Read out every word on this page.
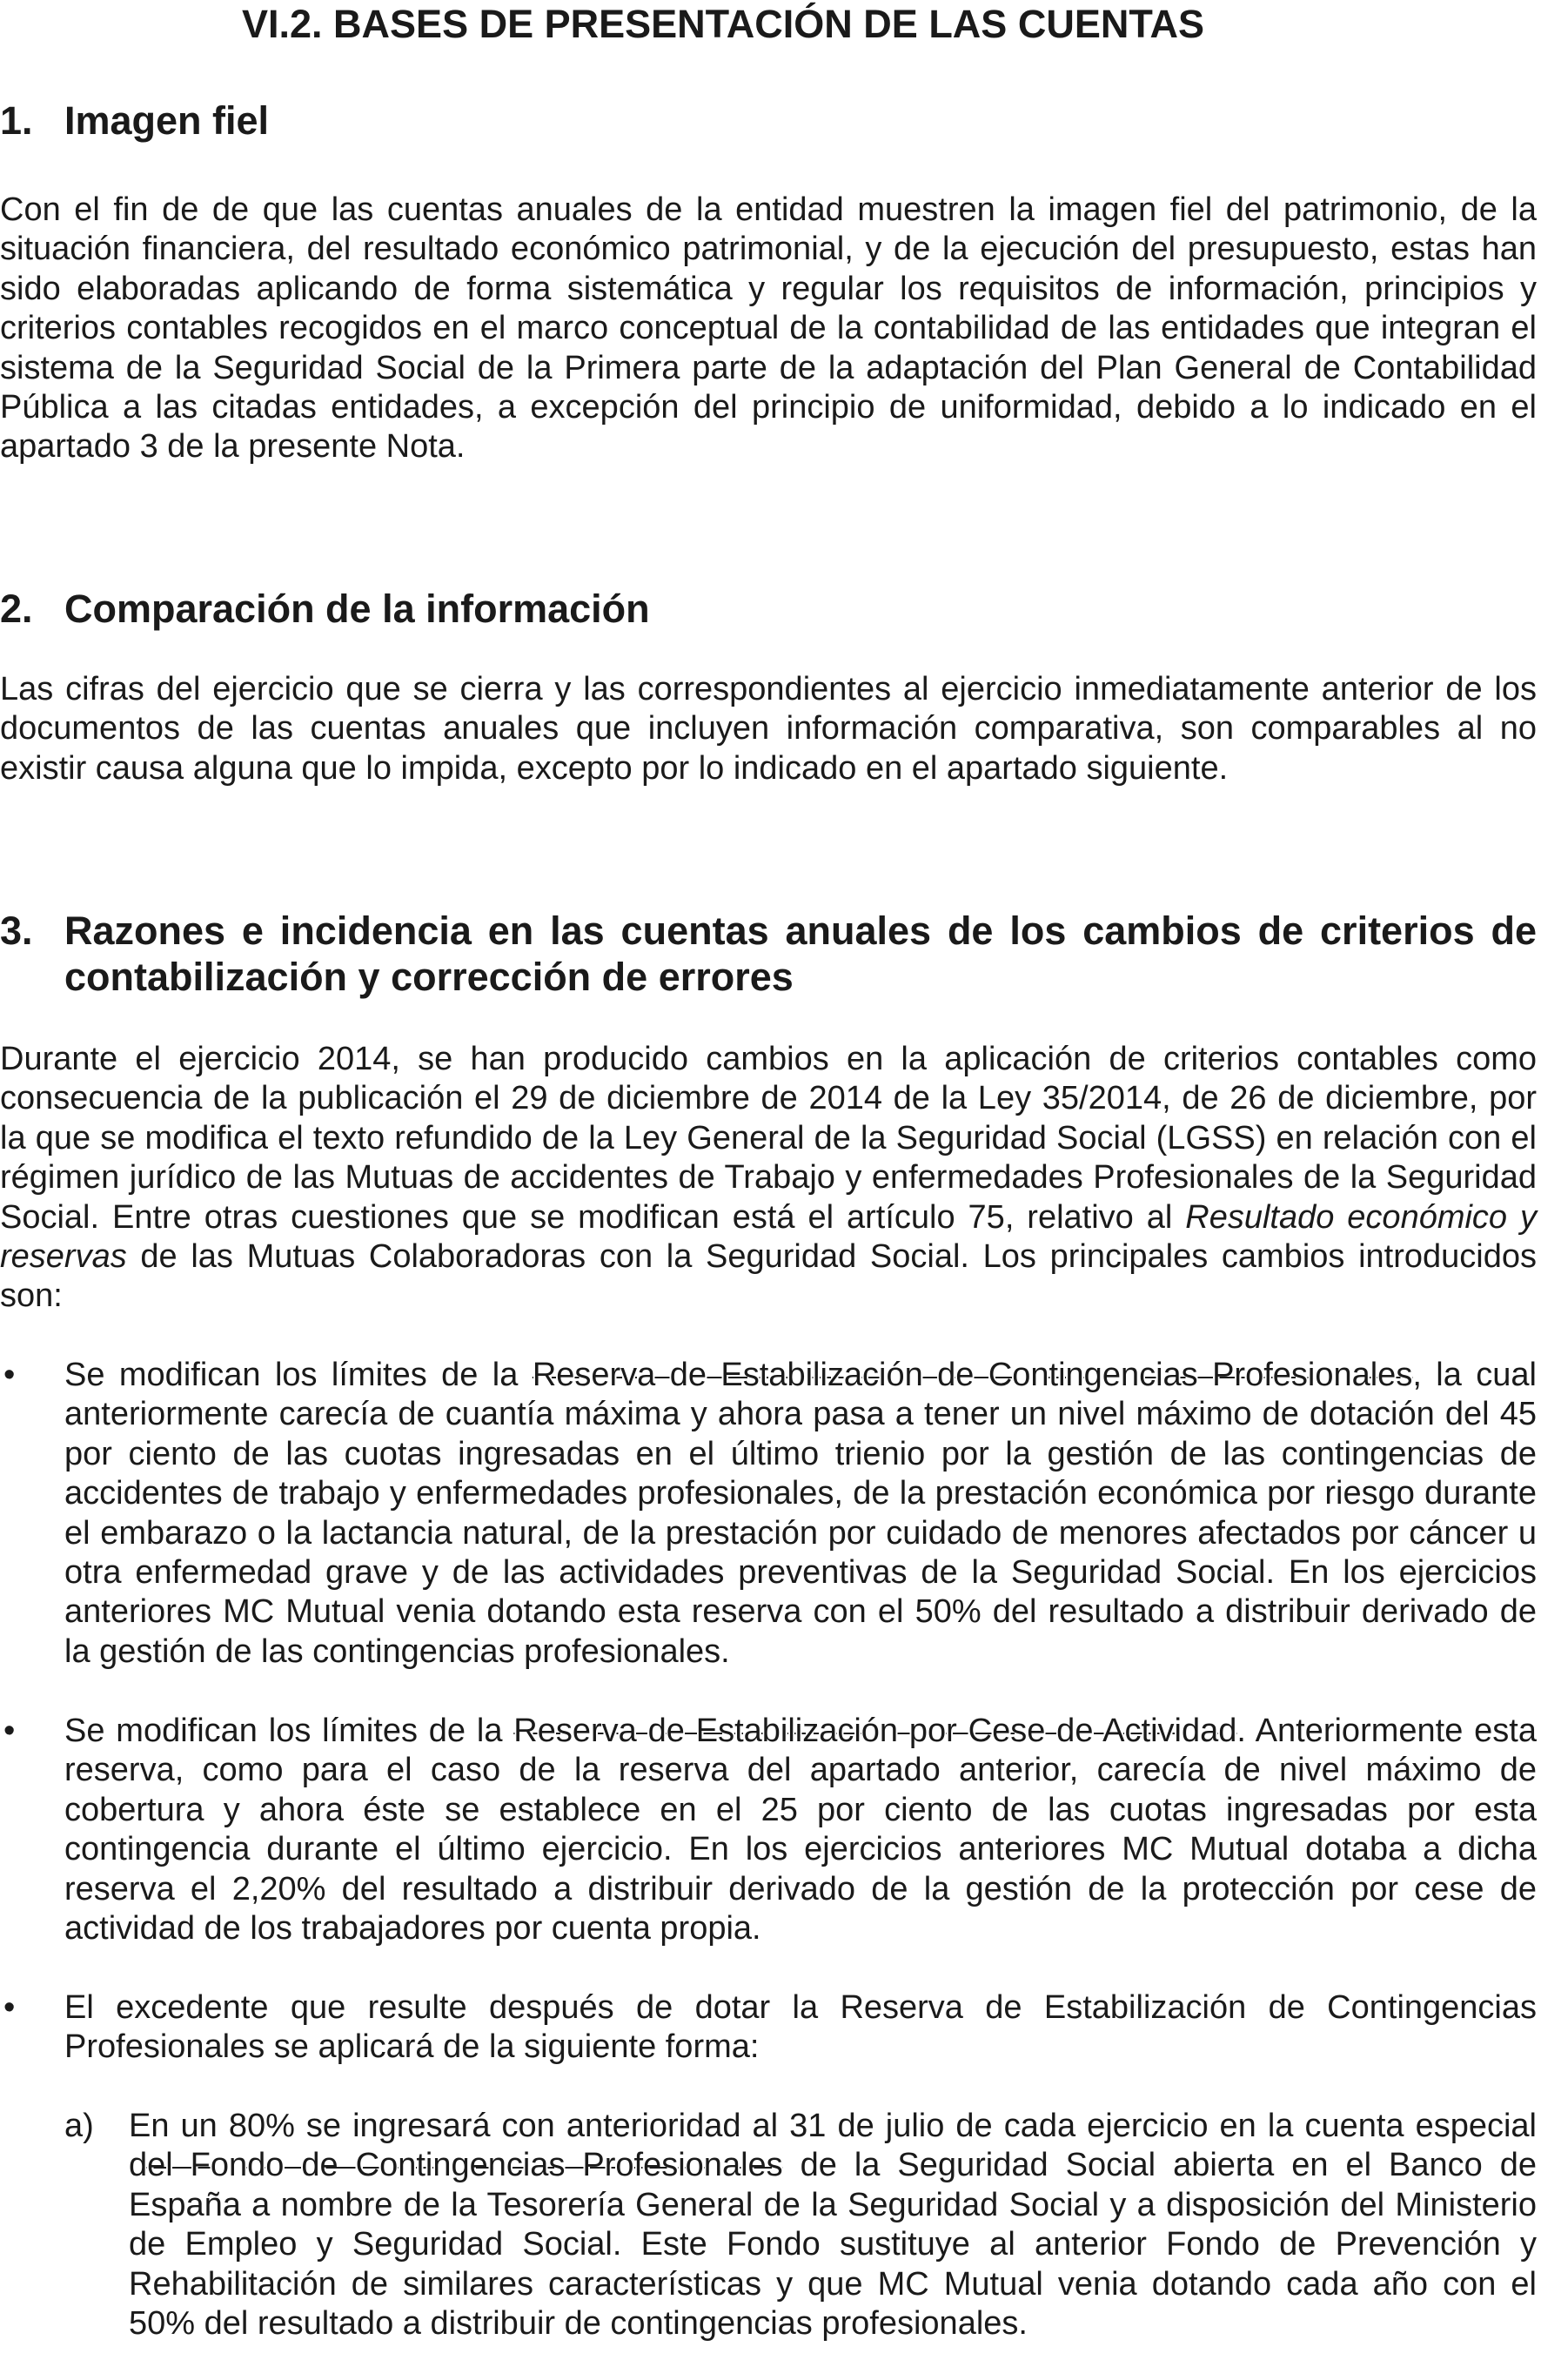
VI.2. BASES DE PRESENTACIÓN DE LAS CUENTAS
1. Imagen fiel

Con el fin de de que las cuentas anuales de la entidad muestren la imagen fiel del patrimonio, de la situación financiera, del resultado económico patrimonial, y de la ejecución del presupuesto, estas han sido elaboradas aplicando de forma sistemática y regular los requisitos de información, principios y criterios contables recogidos en el marco conceptual de la contabilidad de las entidades que integran el sistema de la Seguridad Social de la Primera parte de la adaptación del Plan General de Contabilidad Pública a las citadas entidades, a excepción del principio de uniformidad, debido a lo indicado en el apartado 3 de la presente Nota.

2. Comparación de la información

Las cifras del ejercicio que se cierra y las correspondientes al ejercicio inmediatamente anterior de los documentos de las cuentas anuales que incluyen información comparativa, son comparables al no existir causa alguna que lo impida, excepto por lo indicado en el apartado siguiente.

3. Razones e incidencia en las cuentas anuales de los cambios de criterios de contabilización y corrección de errores

Durante el ejercicio 2014, se han producido cambios en la aplicación de criterios contables como consecuencia de la publicación el 29 de diciembre de 2014 de la Ley 35/2014, de 26 de diciembre, por la que se modifica el texto refundido de la Ley General de la Seguridad Social (LGSS) en relación con el régimen jurídico de las Mutuas de accidentes de Trabajo y enfermedades Profesionales de la Seguridad Social. Entre otras cuestiones que se modifican está el artículo 75, relativo al Resultado económico y reservas de las Mutuas Colaboradoras con la Seguridad Social. Los principales cambios introducidos son:

• Se modifican los límites de la Reserva de Estabilización de Contingencias Profesionales, la cual anteriormente carecía de cuantía máxima y ahora pasa a tener un nivel máximo de dotación del 45 por ciento de las cuotas ingresadas en el último trienio por la gestión de las contingencias de accidentes de trabajo y enfermedades profesionales, de la prestación económica por riesgo durante el embarazo o la lactancia natural, de la prestación por cuidado de menores afectados por cáncer u otra enfermedad grave y de las actividades preventivas de la Seguridad Social. En los ejercicios anteriores MC Mutual venia dotando esta reserva con el 50% del resultado a distribuir derivado de la gestión de las contingencias profesionales.
• Se modifican los límites de la Reserva de Estabilización por Cese de Actividad. Anteriormente esta reserva, como para el caso de la reserva del apartado anterior, carecía de nivel máximo de cobertura y ahora éste se establece en el 25 por ciento de las cuotas ingresadas por esta contingencia durante el último ejercicio. En los ejercicios anteriores MC Mutual dotaba a dicha reserva el 2,20% del resultado a distribuir derivado de la gestión de la protección por cese de actividad de los trabajadores por cuenta propia.
• El excedente que resulte después de dotar la Reserva de Estabilización de Contingencias Profesionales se aplicará de la siguiente forma:
a) En un 80% se ingresará con anterioridad al 31 de julio de cada ejercicio en la cuenta especial del Fondo de Contingencias Profesionales de la Seguridad Social abierta en el Banco de España a nombre de la Tesorería General de la Seguridad Social y a disposición del Ministerio de Empleo y Seguridad Social. Este Fondo sustituye al anterior Fondo de Prevención y Rehabilitación de similares características y que MC Mutual venia dotando cada año con el 50% del resultado a distribuir de contingencias profesionales.
